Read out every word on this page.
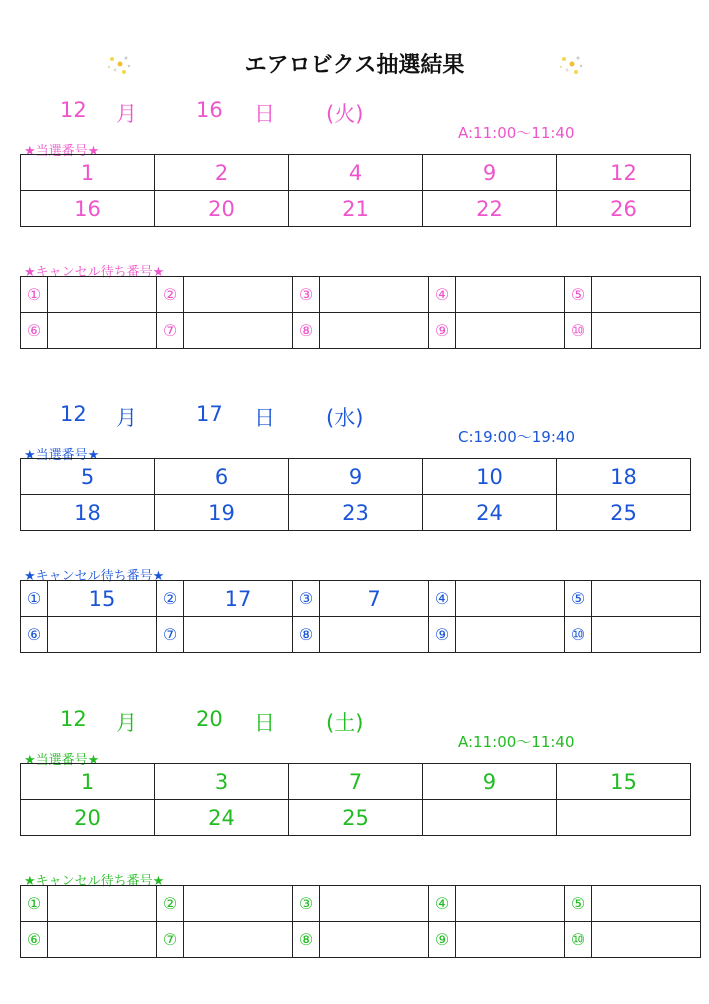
エアロビクス抽選結果
12 月	16 日 (火)
A:11:00～11:40
★当選番号★
1	2	4	9	12
16	20	21	22	26
★キャンセル待ち番号★
①		②		③		④		⑤	
⑥		⑦		⑧		⑨		⑩	
12 月	17 日 (水)
C:19:00～19:40
★当選番号★
5	6	9	10	18
18	19	23	24	25
★キャンセル待ち番号★
①	15	②	17	③	7	④		⑤	
⑥		⑦		⑧		⑨		⑩	
12 月	20 日 (土)
A:11:00～11:40
★当選番号★
1	3	7	9	15
20	24	25		
★キャンセル待ち番号★
①		②		③		④		⑤	
⑥		⑦		⑧		⑨		⑩	
